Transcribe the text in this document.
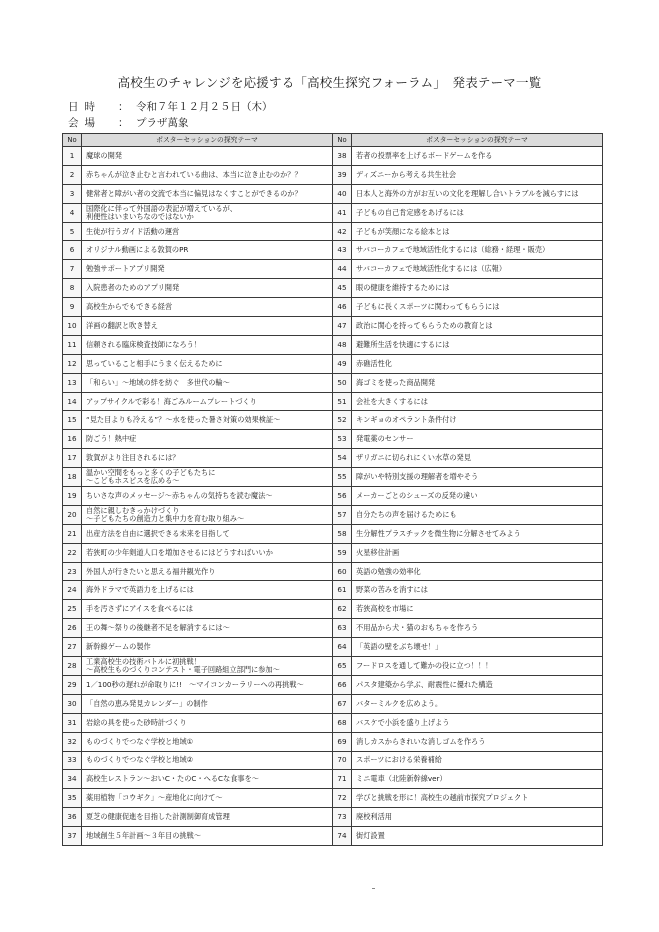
高校生のチャレンジを応援する「高校生探究フォーラム」　発表テーマ一覧
日時 ： 令和７年１２月２５日（木）
会場 ： プラザ萬象
No	ポスターセッションの探究テーマ
1	魔球の開発
2	赤ちゃんが泣き止むと言われている曲は、本当に泣き止むのか？？
3	健常者と障がい者の交流で本当に偏見はなくすことができるのか？
4	国際化に伴って外国語の表記が増えているが、
利便性はいまいちなのではないか
5	生徒が行うガイド活動の運営
6	オリジナル動画による敦賀のPR
7	勉強サポートアプリ開発
8	入院患者のためのアプリ開発
9	高校生からでもできる経営
10	洋画の翻訳と吹き替え
11	信頼される臨床検査技師になろう！
12	思っていること相手にうまく伝えるために
13	「和らい」～地域の絆を紡ぐ　多世代の輪～
14	アップサイクルで彩る！海ごみルームプレートづくり
15	“見た目よりも冷える”？～水を使った暑さ対策の効果検証～
16	防ごう！熱中症
17	敦賀がより注目されるには？
18	温かい空間をもっと多くの子どもたちに
～こどもホスピスを広める～
19	ちいさな声のメッセージ～赤ちゃんの気持ちを読む魔法～
20	自然に親しむきっかけづくり
～子どもたちの創造力と集中力を育む取り組み～
21	出産方法を自由に選択できる未来を目指して
22	若狭町の少年剣道人口を増加させるにはどうすればいいか
23	外国人が行きたいと思える福井観光作り
24	海外ドラマで英語力を上げるには
25	手を汚さずにアイスを食べるには
26	王の舞～祭りの後継者不足を解消するには～
27	新幹線ゲームの製作
28	工業高校生の技術バトルに初挑戦！
～高校生ものづくりコンテスト・電子回路組立部門に参加～
29	1／100秒の遅れが命取りに!!　～マイコンカーラリーへの再挑戦～
30	「自然の恵み発見カレンダー」の制作
31	岩絵の具を使った砂時計づくり
32	ものづくりでつなぐ学校と地域①
33	ものづくりでつなぐ学校と地域②
34	高校生レストラン～おいC・たのC・へるCな食事を～
35	薬用植物「コウギク」～産地化に向けて～
36	夏芝の健康促進を目指した計測制御育成管理
37	地域創生５年計画～３年目の挑戦～
No	ポスターセッションの探究テーマ
38	若者の投票率を上げるボードゲームを作る
39	ディズニーから考える共生社会
40	日本人と海外の方がお互いの文化を理解し合いトラブルを減らすには
41	子どもの自己肯定感をあげるには
42	子どもが笑顔になる絵本とは
43	サバコーカフェで地域活性化するには（総務・経理・販売）
44	サバコーカフェで地域活性化するには（広報）
45	眼の健康を維持するためには
46	子どもに長くスポーツに関わってもらうには
47	政治に関心を持ってもらうための教育とは
48	避難所生活を快適にするには
49	赤礁活性化
50	海ゴミを使った商品開発
51	会社を大きくするには
52	キンギョのオペラント条件付け
53	発電薬のセンサー
54	ザリガニに切られにくい水草の発見
55	障がいや特別支援の理解者を増やそう
56	メーカーごとのシューズの反発の違い
57	自分たちの声を届けるためにも
58	生分解性プラスチックを微生物に分解させてみよう
59	火星移住計画
60	英語の勉強の効率化
61	野菜の苦みを消すには
62	若狭高校を市場に
63	不用品から犬・猫のおもちゃを作ろう
64	「英語の壁をぶち壊せ！」
65	フードロスを通して難かの役に立つ！！！
66	パスタ建築から学ぶ、耐震性に優れた構造
67	バターミルクを広めよう。
68	バスケで小浜を盛り上げよう
69	消しカスからきれいな消しゴムを作ろう
70	スポーツにおける栄養補給
71	ミニ電車（北陸新幹線ver）
72	学びと挑戦を形に！高校生の越前市探究プロジェクト
73	廃校利活用
74	街灯設置
